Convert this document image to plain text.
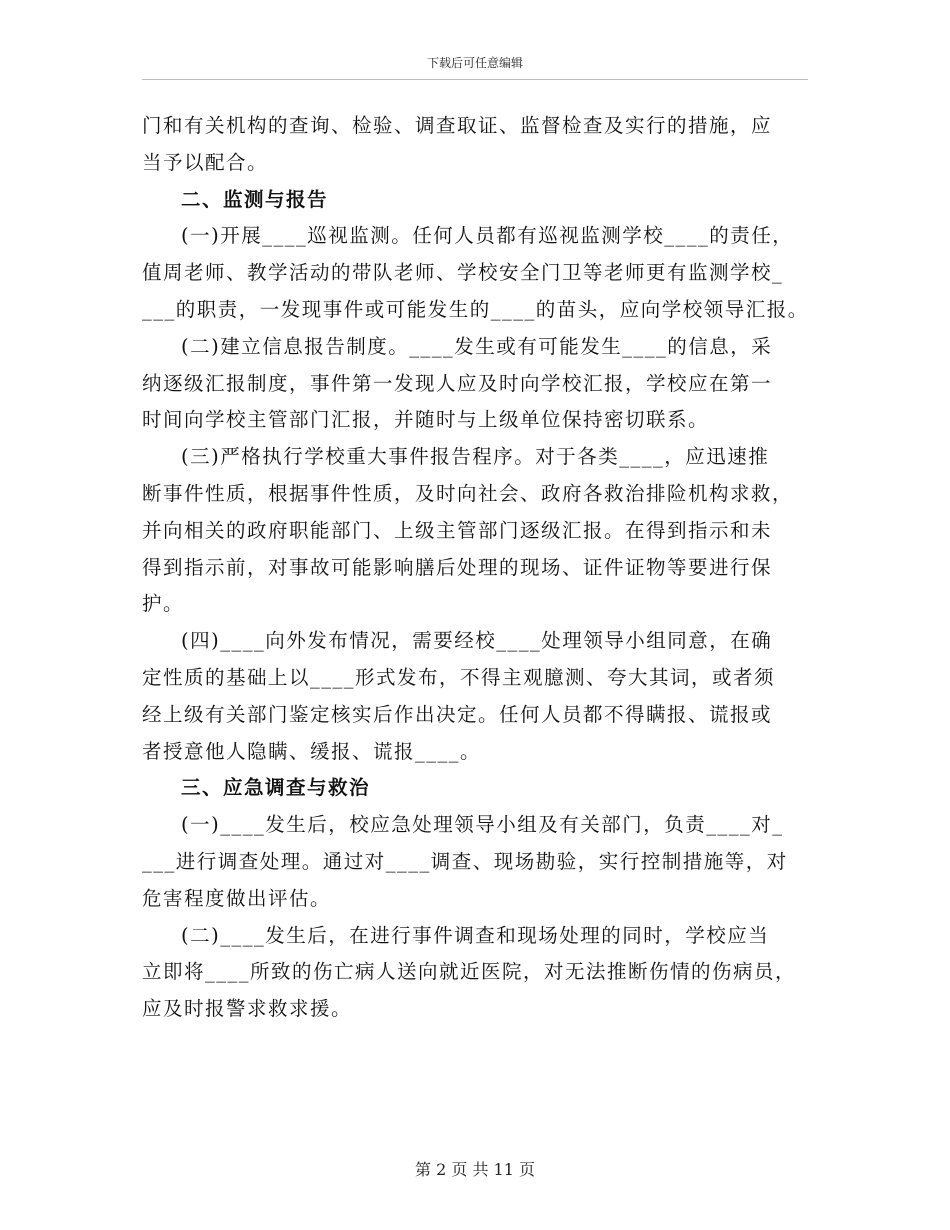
下载后可任意编辑

门和有关机构的查询、检验、调查取证、监督检查及实行的措施，应
当予以配合。

二、监测与报告

(一)开展____巡视监测。任何人员都有巡视监测学校____的责任，
值周老师、教学活动的带队老师、学校安全门卫等老师更有监测学校_
___的职责，一发现事件或可能发生的____的苗头，应向学校领导汇报。

(二)建立信息报告制度。____发生或有可能发生____的信息，采
纳逐级汇报制度，事件第一发现人应及时向学校汇报，学校应在第一
时间向学校主管部门汇报，并随时与上级单位保持密切联系。

(三)严格执行学校重大事件报告程序。对于各类____，应迅速推
断事件性质，根据事件性质，及时向社会、政府各救治排险机构求救，
并向相关的政府职能部门、上级主管部门逐级汇报。在得到指示和未
得到指示前，对事故可能影响膳后处理的现场、证件证物等要进行保
护。

(四)____向外发布情况，需要经校____处理领导小组同意，在确
定性质的基础上以____形式发布，不得主观臆测、夸大其词，或者须
经上级有关部门鉴定核实后作出决定。任何人员都不得瞒报、谎报或
者授意他人隐瞒、缓报、谎报____。

三、应急调查与救治

(一)____发生后，校应急处理领导小组及有关部门，负责____对_
___进行调查处理。通过对____调查、现场勘验，实行控制措施等，对
危害程度做出评估。

(二)____发生后，在进行事件调查和现场处理的同时，学校应当
立即将____所致的伤亡病人送向就近医院，对无法推断伤情的伤病员，
应及时报警求救求援。

第 2 页 共 11 页
